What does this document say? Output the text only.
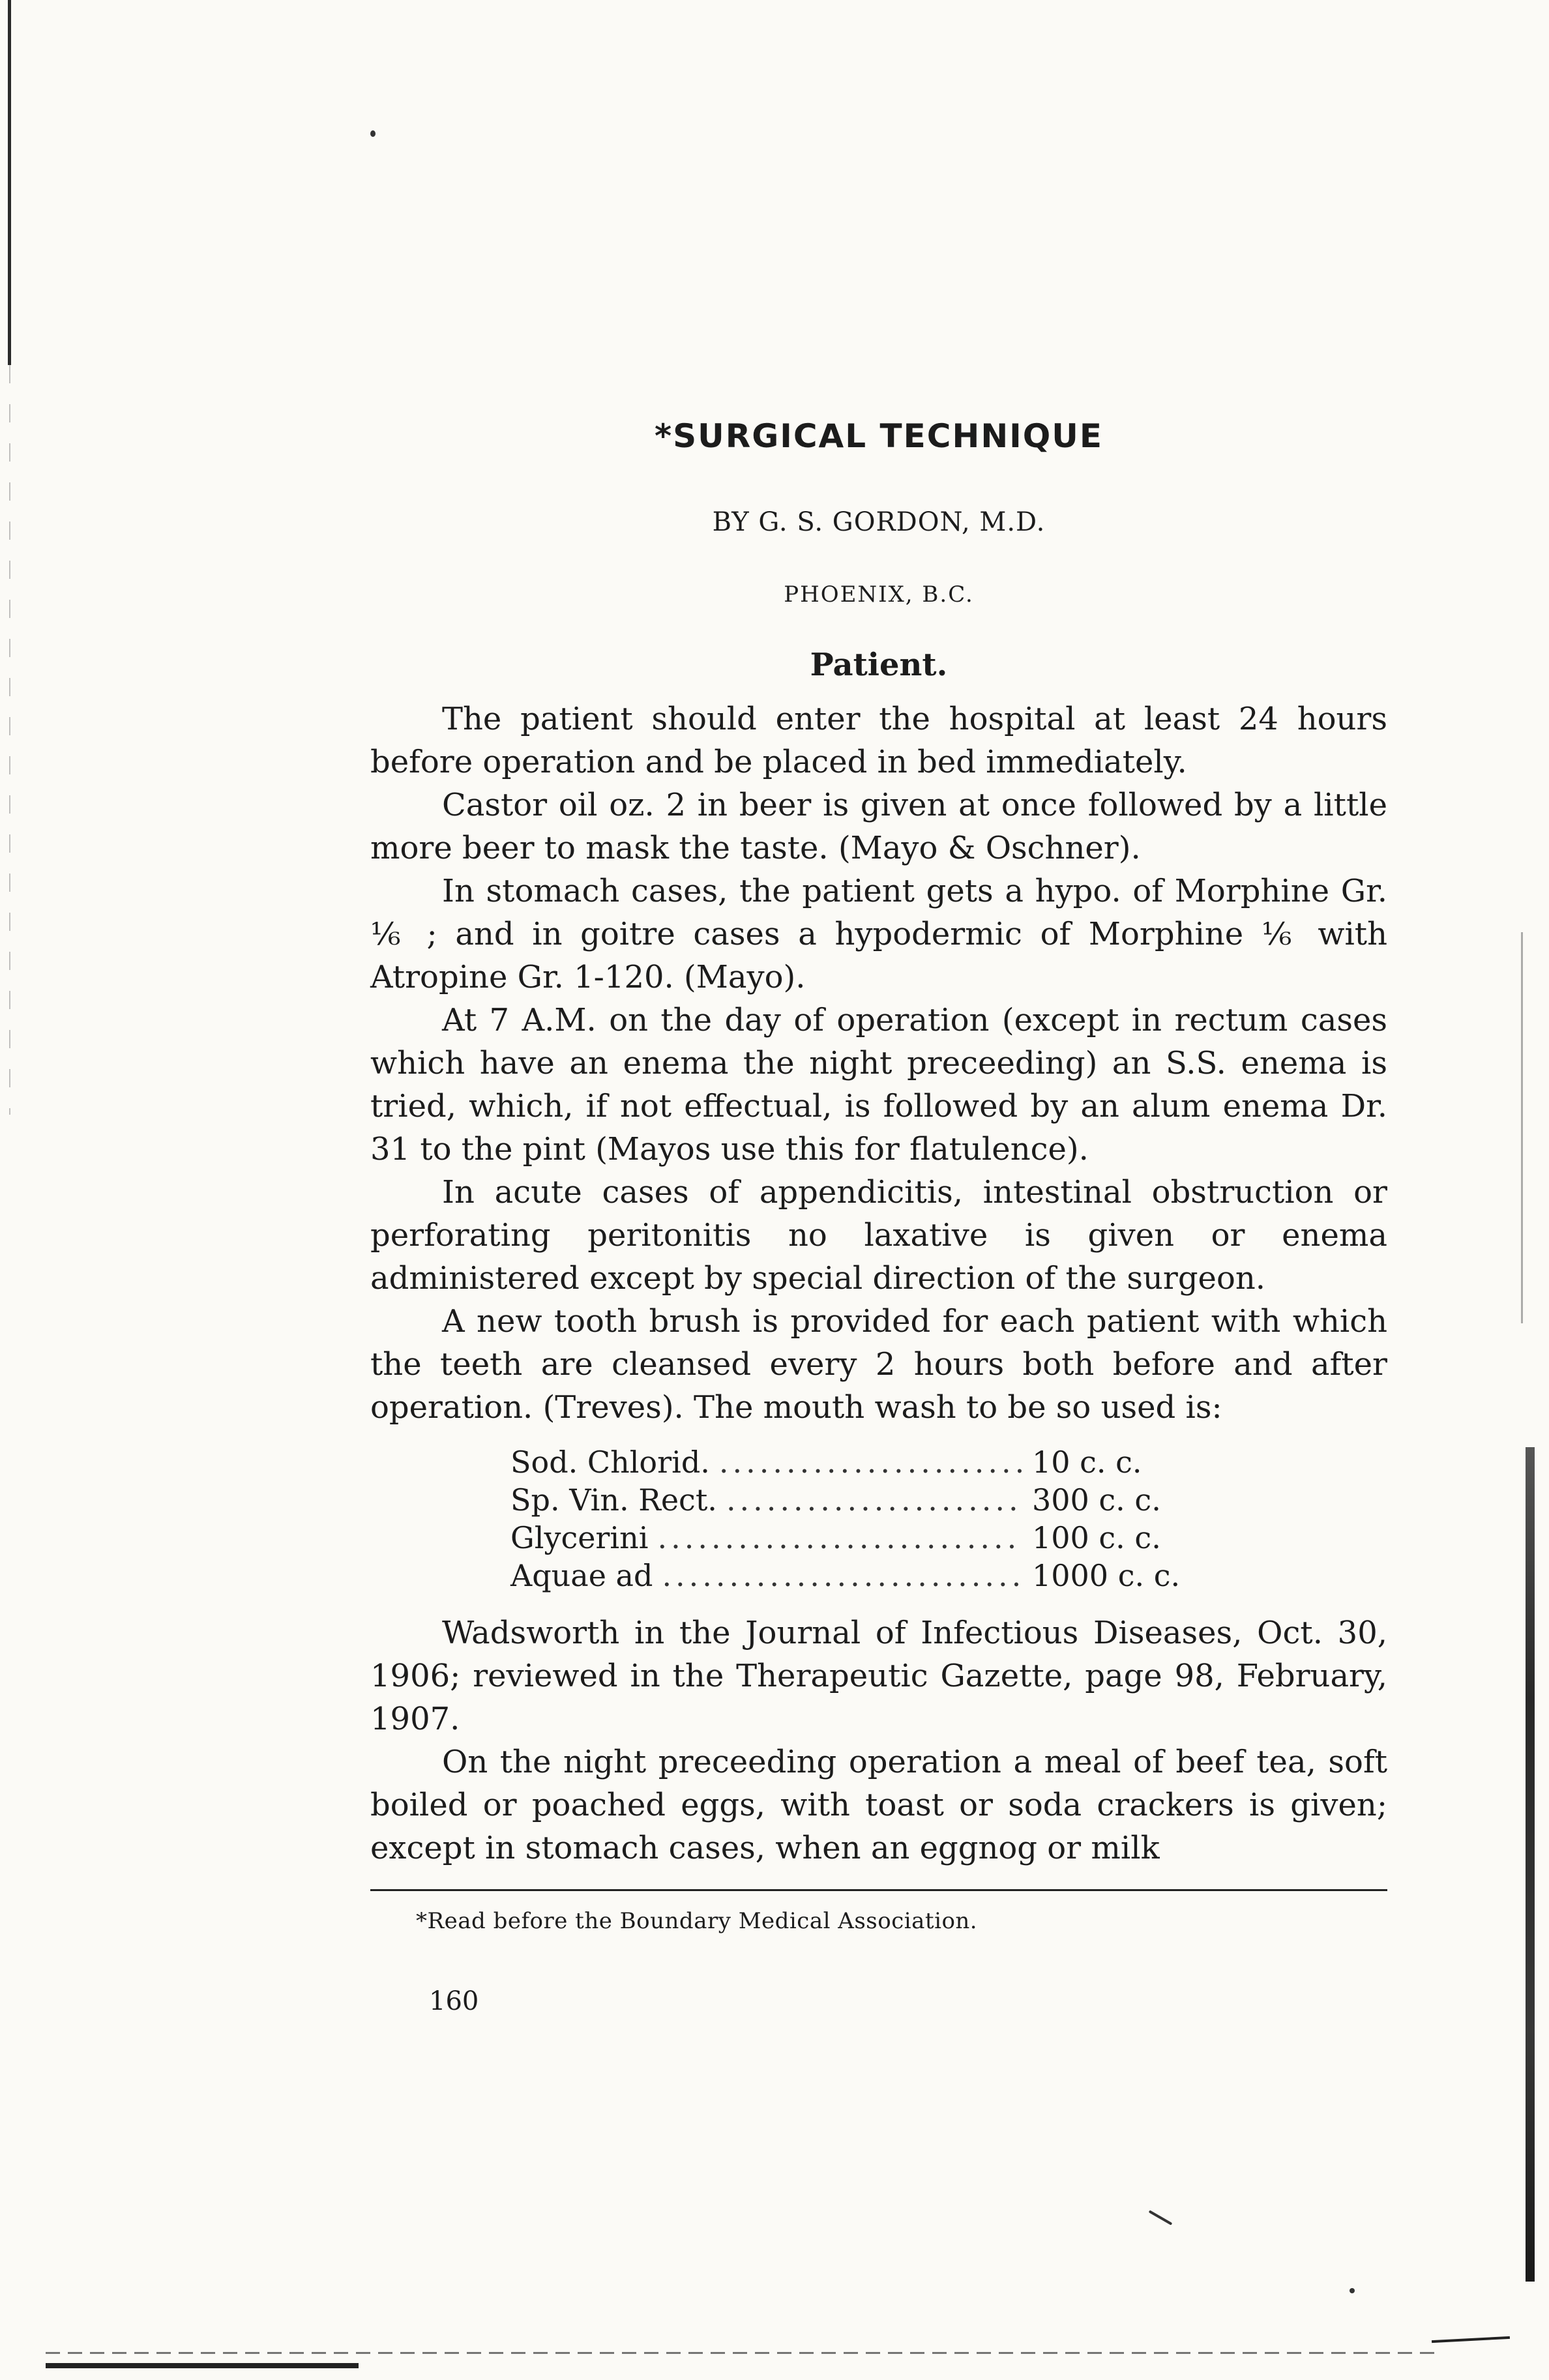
*SURGICAL TECHNIQUE
BY G. S. GORDON, M.D.
PHOENIX, B.C.
Patient.

The patient should enter the hospital at least 24 hours before operation and be placed in bed immediately.

Castor oil oz. 2 in beer is given at once followed by a little more beer to mask the taste. (Mayo & Oschner).

In stomach cases, the patient gets a hypo. of Morphine Gr. ⅙ ; and in goitre cases a hypodermic of Morphine ⅙ with Atropine Gr. 1-120. (Mayo).

At 7 A.M. on the day of operation (except in rectum cases which have an enema the night preceeding) an S.S. enema is tried, which, if not effectual, is followed by an alum enema Dr. 31 to the pint (Mayos use this for flatulence).

In acute cases of appendicitis, intestinal obstruction or perforating peritonitis no laxative is given or enema administered except by special direction of the surgeon.

A new tooth brush is provided for each patient with which the teeth are cleansed every 2 hours both before and after operation. (Treves). The mouth wash to be so used is:

Sod. Chlorid. .....	10 c. c.
Sp. Vin. Rect. .....	300 c. c.
Glycerini .....	100 c. c.
Aquae ad .....	1000 c. c.

Wadsworth in the Journal of Infectious Diseases, Oct. 30, 1906; reviewed in the Therapeutic Gazette, page 98, February, 1907.

On the night preceeding operation a meal of beef tea, soft boiled or poached eggs, with toast or soda crackers is given; except in stomach cases, when an eggnog or milk

*Read before the Boundary Medical Association.
160
